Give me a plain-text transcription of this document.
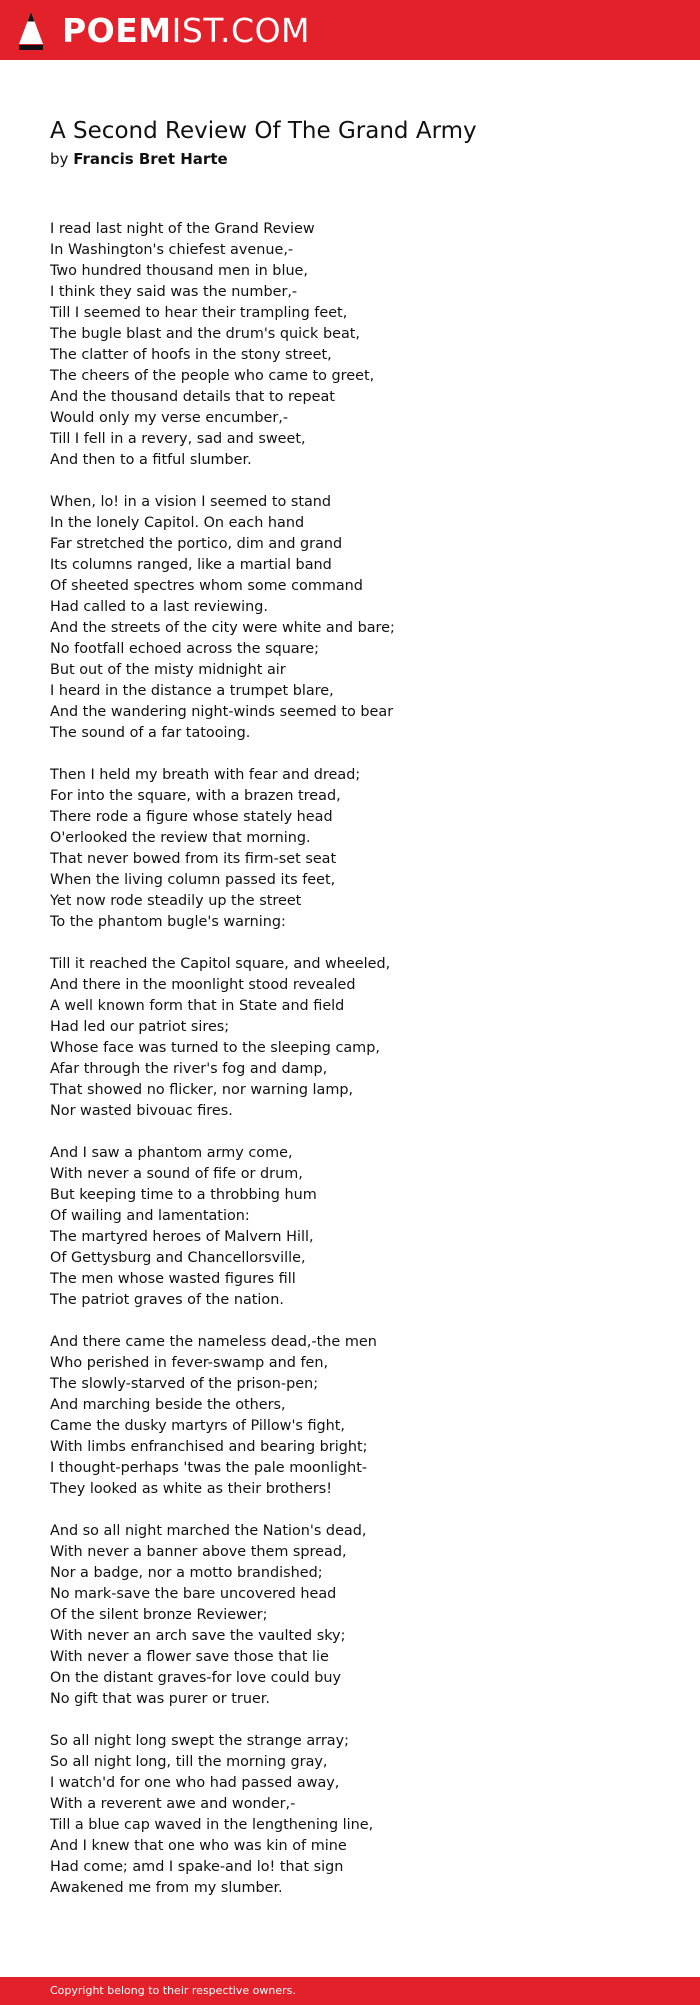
POEMIST.COM
A Second Review Of The Grand Army
by Francis Bret Harte
I read last night of the Grand Review
In Washington's chiefest avenue,-
Two hundred thousand men in blue,
I think they said was the number,-
Till I seemed to hear their trampling feet,
The bugle blast and the drum's quick beat,
The clatter of hoofs in the stony street,
The cheers of the people who came to greet,
And the thousand details that to repeat
Would only my verse encumber,-
Till I fell in a revery, sad and sweet,
And then to a fitful slumber.
When, lo! in a vision I seemed to stand
In the lonely Capitol. On each hand
Far stretched the portico, dim and grand
Its columns ranged, like a martial band
Of sheeted spectres whom some command
Had called to a last reviewing.
And the streets of the city were white and bare;
No footfall echoed across the square;
But out of the misty midnight air
I heard in the distance a trumpet blare,
And the wandering night-winds seemed to bear
The sound of a far tatooing.
Then I held my breath with fear and dread;
For into the square, with a brazen tread,
There rode a figure whose stately head
O'erlooked the review that morning.
That never bowed from its firm-set seat
When the living column passed its feet,
Yet now rode steadily up the street
To the phantom bugle's warning:
Till it reached the Capitol square, and wheeled,
And there in the moonlight stood revealed
A well known form that in State and field
Had led our patriot sires;
Whose face was turned to the sleeping camp,
Afar through the river's fog and damp,
That showed no flicker, nor warning lamp,
Nor wasted bivouac fires.
And I saw a phantom army come,
With never a sound of fife or drum,
But keeping time to a throbbing hum
Of wailing and lamentation:
The martyred heroes of Malvern Hill,
Of Gettysburg and Chancellorsville,
The men whose wasted figures fill
The patriot graves of the nation.
And there came the nameless dead,-the men
Who perished in fever-swamp and fen,
The slowly-starved of the prison-pen;
And marching beside the others,
Came the dusky martyrs of Pillow's fight,
With limbs enfranchised and bearing bright;
I thought-perhaps 'twas the pale moonlight-
They looked as white as their brothers!
And so all night marched the Nation's dead,
With never a banner above them spread,
Nor a badge, nor a motto brandished;
No mark-save the bare uncovered head
Of the silent bronze Reviewer;
With never an arch save the vaulted sky;
With never a flower save those that lie
On the distant graves-for love could buy
No gift that was purer or truer.
So all night long swept the strange array;
So all night long, till the morning gray,
I watch'd for one who had passed away,
With a reverent awe and wonder,-
Till a blue cap waved in the lengthening line,
And I knew that one who was kin of mine
Had come; amd I spake-and lo! that sign
Awakened me from my slumber.
Copyright belong to their respective owners.
